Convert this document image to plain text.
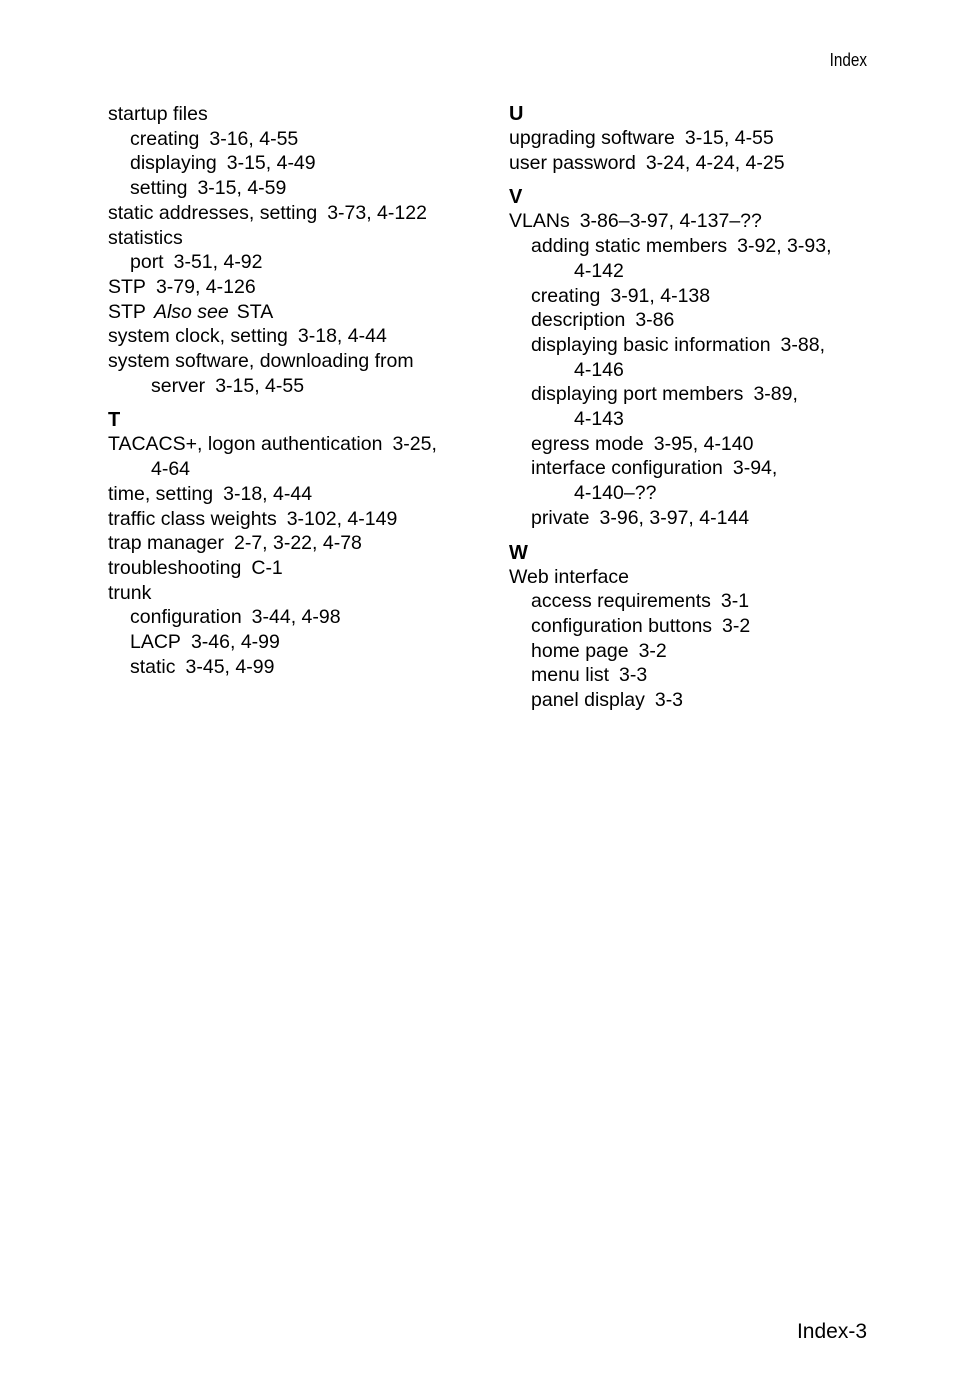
Index
startup files
creating 3-16, 4-55
displaying 3-15, 4-49
setting 3-15, 4-59
static addresses, setting 3-73, 4-122
statistics
port 3-51, 4-92
STP 3-79, 4-126
STP Also see STA
system clock, setting 3-18, 4-44
system software, downloading from
server 3-15, 4-55
T
TACACS+, logon authentication 3-25,
4-64
time, setting 3-18, 4-44
traffic class weights 3-102, 4-149
trap manager 2-7, 3-22, 4-78
troubleshooting C-1
trunk
configuration 3-44, 4-98
LACP 3-46, 4-99
static 3-45, 4-99
U
upgrading software 3-15, 4-55
user password 3-24, 4-24, 4-25
V
VLANs 3-86–3-97, 4-137–??
adding static members 3-92, 3-93,
4-142
creating 3-91, 4-138
description 3-86
displaying basic information 3-88,
4-146
displaying port members 3-89,
4-143
egress mode 3-95, 4-140
interface configuration 3-94,
4-140–??
private 3-96, 3-97, 4-144
W
Web interface
access requirements 3-1
configuration buttons 3-2
home page 3-2
menu list 3-3
panel display 3-3
Index-3
